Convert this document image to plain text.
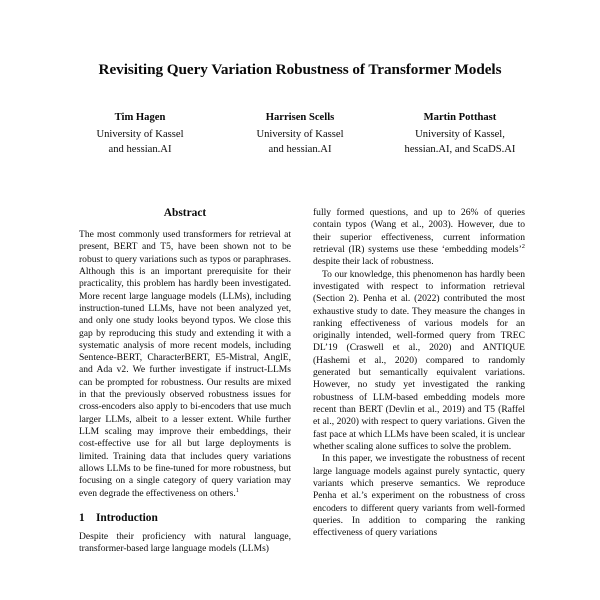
Revisiting Query Variation Robustness of Transformer Models
Tim Hagen
University of Kassel
and hessian.AI
Harrisen Scells
University of Kassel
and hessian.AI
Martin Potthast
University of Kassel,
hessian.AI, and ScaDS.AI
Abstract

The most commonly used transformers for retrieval at present, BERT and T5, have been shown not to be robust to query variations such as typos or paraphrases. Although this is an important prerequisite for their practicality, this problem has hardly been investigated. More recent large language models (LLMs), including instruction-tuned LLMs, have not been analyzed yet, and only one study looks beyond typos. We close this gap by reproducing this study and extending it with a systematic analysis of more recent models, including Sentence-BERT, CharacterBERT, E5-Mistral, AnglE, and Ada v2. We further investigate if instruct-LLMs can be prompted for robustness. Our results are mixed in that the previously observed robustness issues for cross-encoders also apply to bi-encoders that use much larger LLMs, albeit to a lesser extent. While further LLM scaling may improve their embeddings, their cost-effective use for all but large deployments is limited. Training data that includes query variations allows LLMs to be fine-tuned for more robustness, but focusing on a single category of query variation may even degrade the effectiveness on others.$^1$

1 Introduction

Despite their proficiency with natural language, transformer-based large language models (LLMs)

fully formed questions, and up to 26% of queries contain typos (Wang et al., 2003). However, due to their superior effectiveness, current information retrieval (IR) systems use these ‘embedding models’$^2$ despite their lack of robustness.

To our knowledge, this phenomenon has hardly been investigated with respect to information retrieval (Section 2). Penha et al. (2022) contributed the most exhaustive study to date. They measure the changes in ranking effectiveness of various models for an originally intended, well-formed query from TREC DL’19 (Craswell et al., 2020) and ANTIQUE (Hashemi et al., 2020) compared to randomly generated but semantically equivalent variations. However, no study yet investigated the ranking robustness of LLM-based embedding models more recent than BERT (Devlin et al., 2019) and T5 (Raffel et al., 2020) with respect to query variations. Given the fast pace at which LLMs have been scaled, it is unclear whether scaling alone suffices to solve the problem.

In this paper, we investigate the robustness of recent large language models against purely syntactic, query variants which preserve semantics. We reproduce Penha et al.’s experiment on the robustness of cross encoders to different query variants from well-formed queries. In addition to comparing the ranking effectiveness of query variations
